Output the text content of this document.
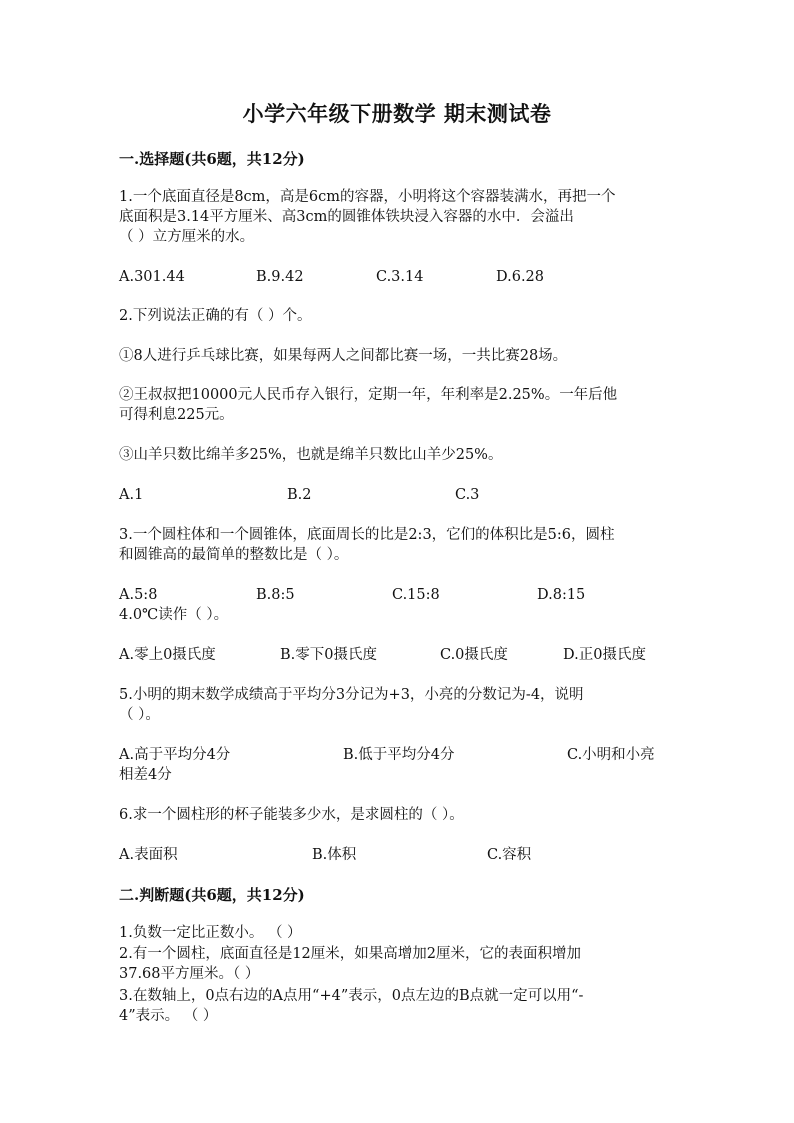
小学六年级下册数学 期末测试卷
一.选择题(共6题，共12分)
1.一个底面直径是8cm，高是6cm的容器，小明将这个容器装满水，再把一个
底面积是3.14平方厘米、高3cm的圆锥体铁块浸入容器的水中．会溢出
（ ）立方厘米的水。
A.301.44	B.9.42	C.3.14	D.6.28
2.下列说法正确的有（ ）个。
①8人进行乒乓球比赛，如果每两人之间都比赛一场，一共比赛28场。
②王叔叔把10000元人民币存入银行，定期一年，年利率是2.25%。一年后他
可得利息225元。
③山羊只数比绵羊多25%，也就是绵羊只数比山羊少25%。
A.1	B.2	C.3
3.一个圆柱体和一个圆锥体，底面周长的比是2:3，它们的体积比是5:6，圆柱
和圆锥高的最简单的整数比是（ ）。
A.5:8	B.8:5	C.15:8	D.8:15
4.0℃读作（ ）。
A.零上0摄氏度	B.零下0摄氏度	C.0摄氏度	D.正0摄氏度
5.小明的期末数学成绩高于平均分3分记为+3，小亮的分数记为-4，说明
（ ）。
A.高于平均分4分	B.低于平均分4分	C.小明和小亮
相差4分
6.求一个圆柱形的杯子能装多少水，是求圆柱的（ ）。
A.表面积	B.体积	C.容积
二.判断题(共6题，共12分)
1.负数一定比正数小。 （ ）
2.有一个圆柱，底面直径是12厘米，如果高增加2厘米，它的表面积增加
37.68平方厘米。（ ）
3.在数轴上，0点右边的A点用“+4”表示，0点左边的B点就一定可以用“-
4”表示。 （ ）
